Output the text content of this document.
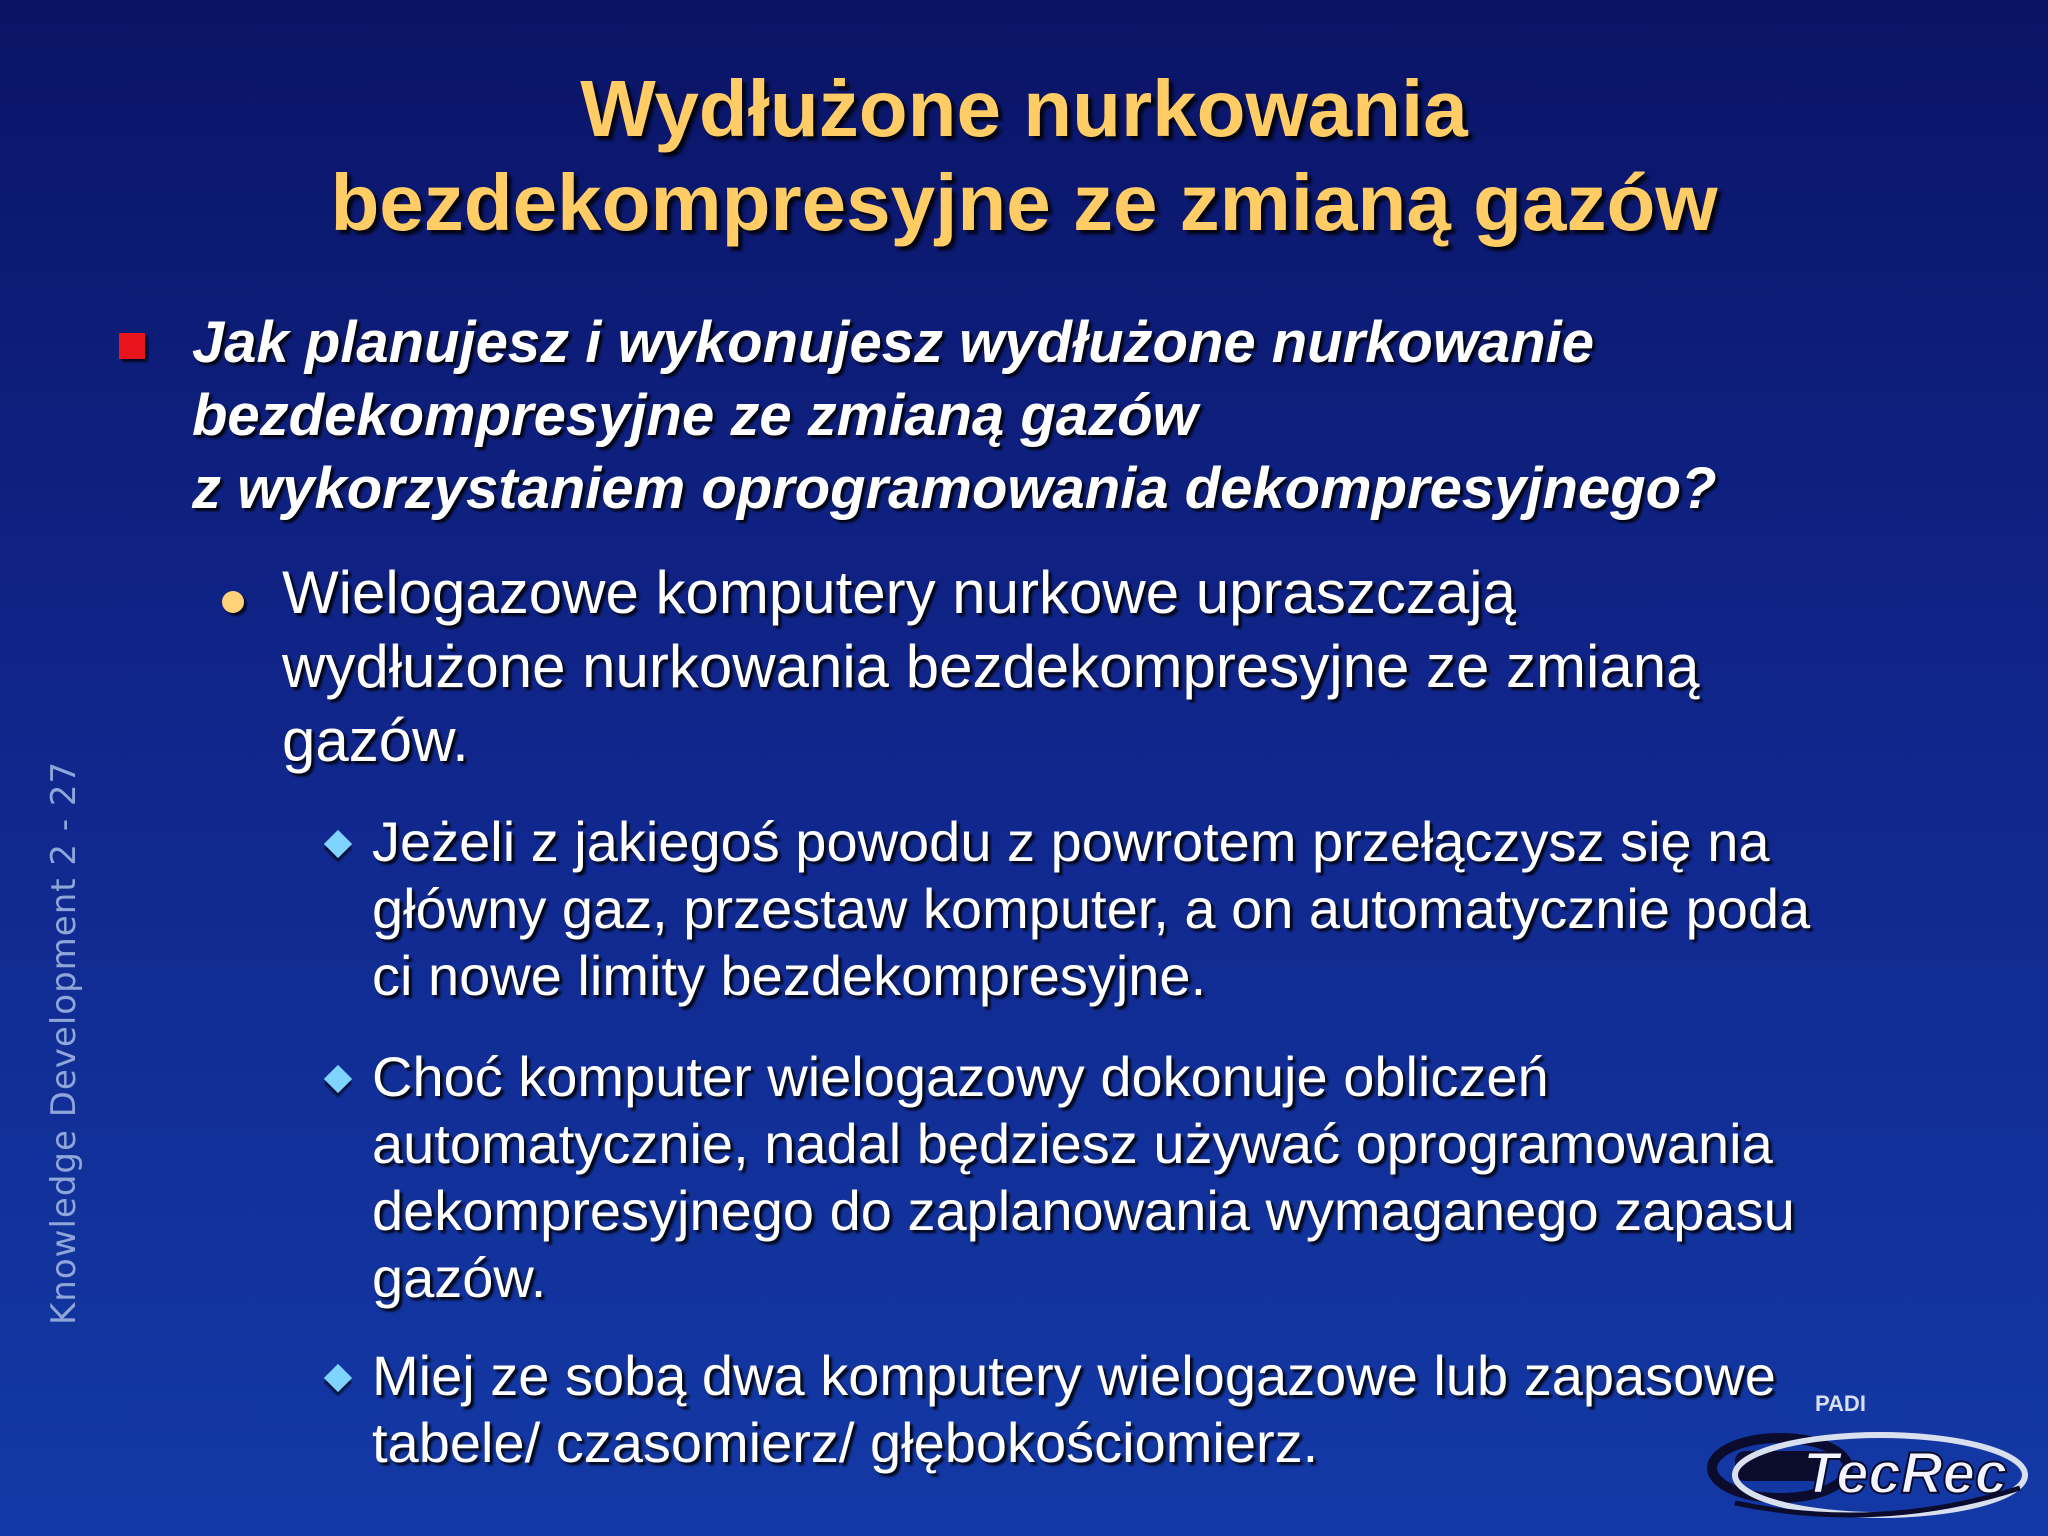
Wydłużone nurkowania
bezdekompresyjne ze zmianą gazów
Jak planujesz i wykonujesz wydłużone nurkowanie
bezdekompresyjne ze zmianą gazów
z wykorzystaniem oprogramowania dekompresyjnego?
Wielogazowe komputery nurkowe upraszczają
wydłużone nurkowania bezdekompresyjne ze zmianą
gazów.
Jeżeli z jakiegoś powodu z powrotem przełączysz się na
główny gaz, przestaw komputer, a on automatycznie poda
ci nowe limity bezdekompresyjne.
Choć komputer wielogazowy dokonuje obliczeń
automatycznie, nadal będziesz używać oprogramowania
dekompresyjnego do zaplanowania wymaganego zapasu
gazów.
Miej ze sobą dwa komputery wielogazowe lub zapasowe
tabele/ czasomierz/ głębokościomierz.
Knowledge Development 2 - 27
PADI
TecRec
